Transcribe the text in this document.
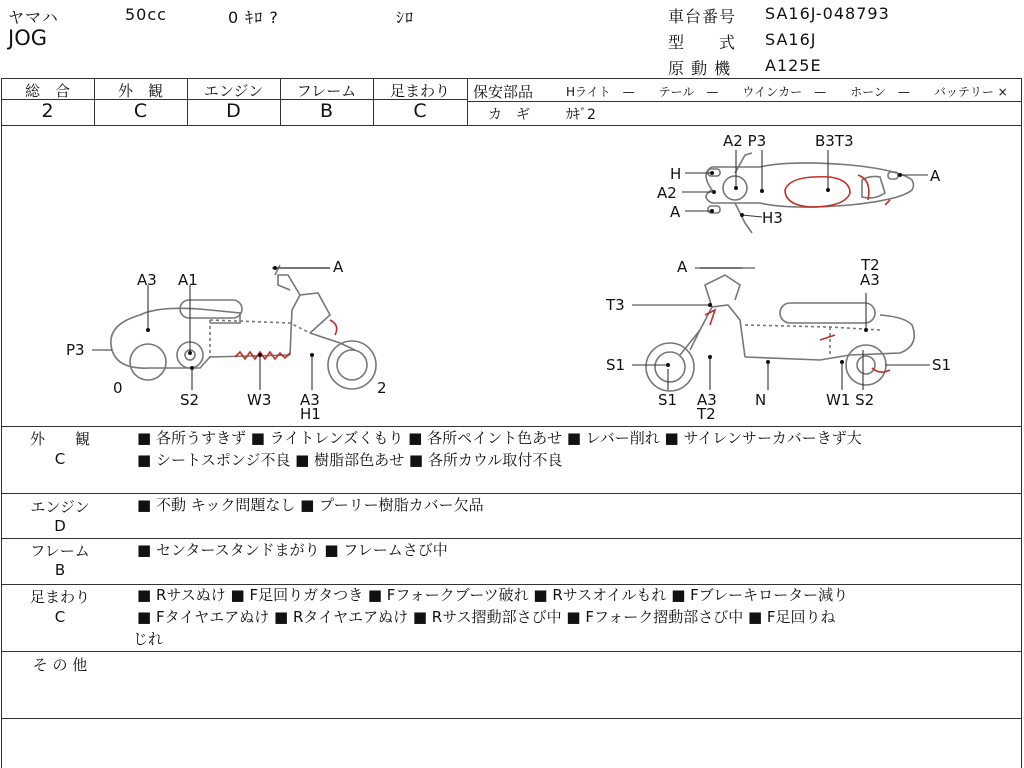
ヤマハ
JOG
50cc	0 ｷﾛ ?	ｼﾛ	車台番号 SA16J-048793
型　　式 SA16J
原 動 機 A125E
総　合
2
外　観
C
エンジン
D
フレーム
B
足まわり
C
保安部品	Hライト　—　　テール　—　　ウインカー　—　　ホーン　—　　バッテリー ×
カ　ギ	ｶｷﾞ2
A3 A1
A
P3
0
S2	W3 A3
H1
2
A2 P3	B3T3
H
A2
A
A
H3
A	T2
A3
T3
S1	S1
S1 A3
T2
N	W1 S2
外　　観
C
■ 各所うすきず ■ ライトレンズくもり ■ 各所ペイント色あせ ■ レバー削れ ■ サイレンサーカバーきず大
■ シートスポンジ不良 ■ 樹脂部色あせ ■ 各所カウル取付不良
エンジン
D
■ 不動 キック問題なし ■ プーリー樹脂カバー欠品
フレーム
B
■ センタースタンドまがり ■ フレームさび中
足まわり
C
■ Rサスぬけ ■ F足回りガタつき ■ Fフォークブーツ破れ ■ Rサスオイルもれ ■ Fブレーキローター減り
■ Fタイヤエアぬけ ■ Rタイヤエアぬけ ■ Rサス摺動部さび中 ■ Fフォーク摺動部さび中 ■ F足回りね
じれ
そ の 他
